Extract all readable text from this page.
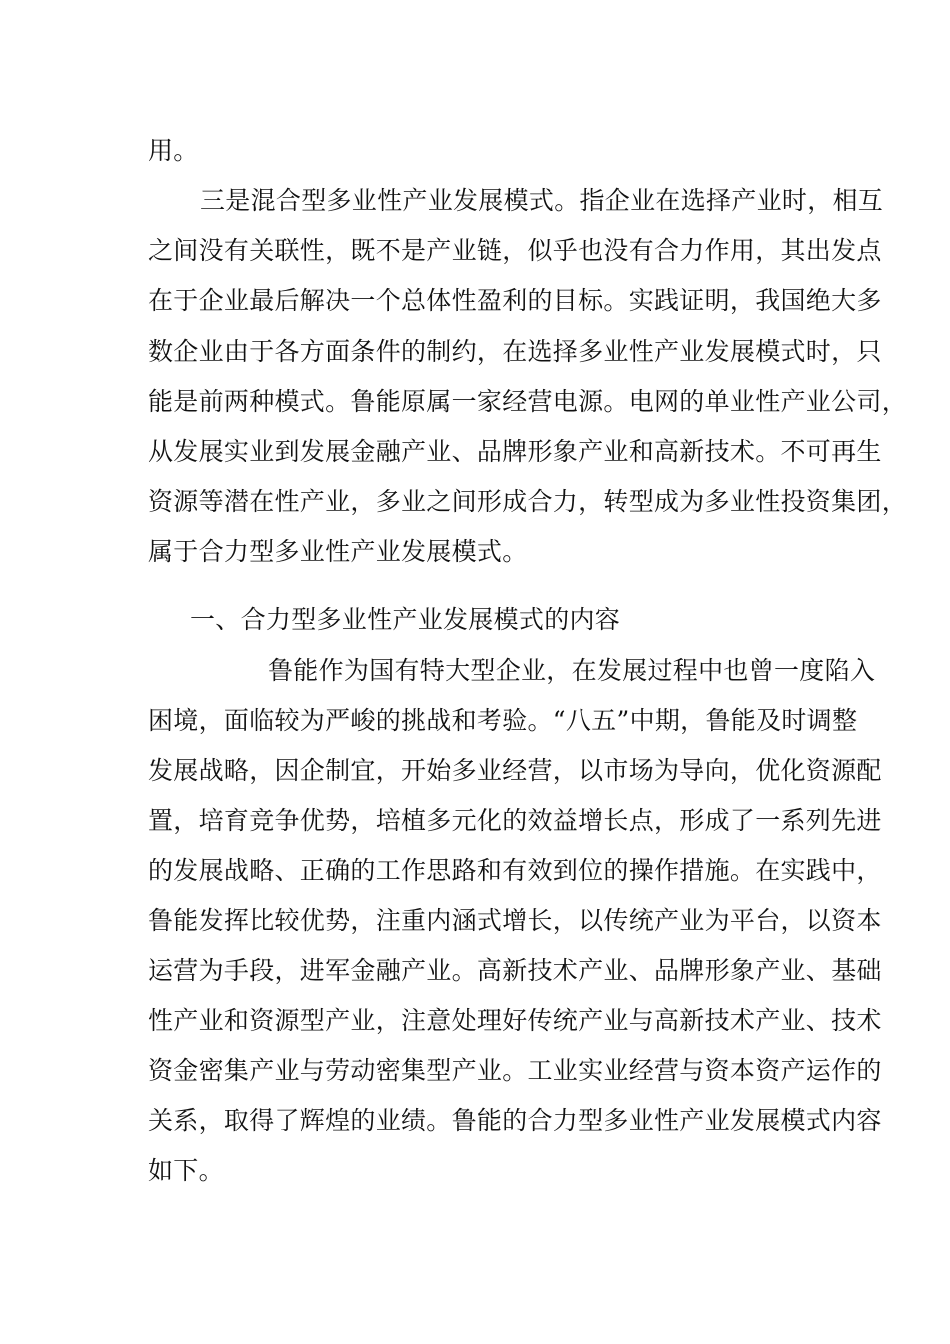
用。
三是混合型多业性产业发展模式。指企业在选择产业时，相互
之间没有关联性，既不是产业链，似乎也没有合力作用，其出发点
在于企业最后解决一个总体性盈利的目标。实践证明，我国绝大多
数企业由于各方面条件的制约，在选择多业性产业发展模式时，只
能是前两种模式。鲁能原属一家经营电源。电网的单业性产业公司，
从发展实业到发展金融产业、品牌形象产业和高新技术。不可再生
资源等潜在性产业，多业之间形成合力，转型成为多业性投资集团，
属于合力型多业性产业发展模式。
一、合力型多业性产业发展模式的内容
鲁能作为国有特大型企业，在发展过程中也曾一度陷入
困境，面临较为严峻的挑战和考验。“八五”中期，鲁能及时调整
发展战略，因企制宜，开始多业经营，以市场为导向，优化资源配
置，培育竞争优势，培植多元化的效益增长点，形成了一系列先进
的发展战略、正确的工作思路和有效到位的操作措施。在实践中，
鲁能发挥比较优势，注重内涵式增长，以传统产业为平台，以资本
运营为手段，进军金融产业。高新技术产业、品牌形象产业、基础
性产业和资源型产业，注意处理好传统产业与高新技术产业、技术
资金密集产业与劳动密集型产业。工业实业经营与资本资产运作的
关系，取得了辉煌的业绩。鲁能的合力型多业性产业发展模式内容
如下。
